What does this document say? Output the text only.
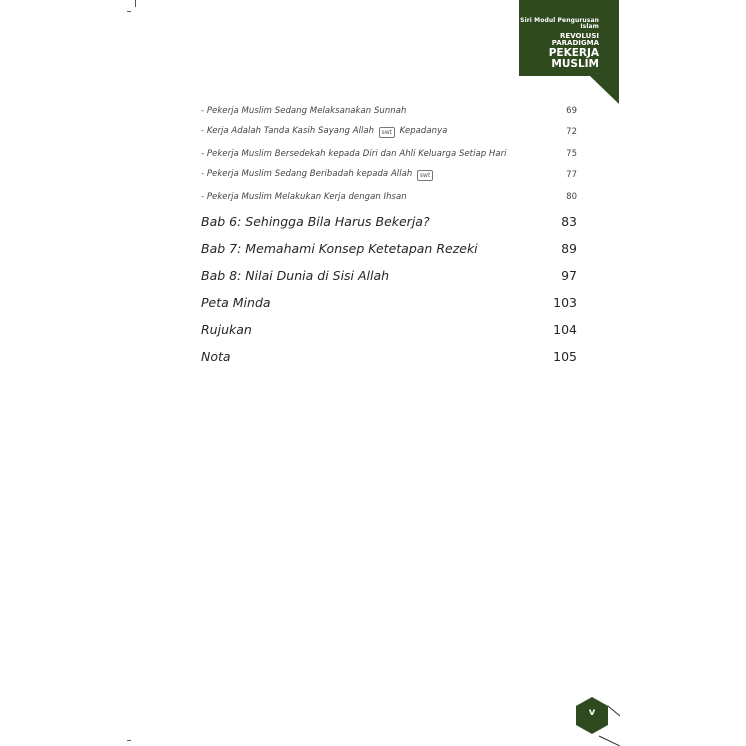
Siri Modul Pengurusan Islam
REVOLUSI PARADIGMA
PEKERJA MUSLIM
KANDUNGAN
- Pekerja Muslim Sedang Melaksanakan Sunnah	69
- Kerja Adalah Tanda Kasih Sayang Allah swt Kepadanya	72
- Pekerja Muslim Bersedekah kepada Diri dan Ahli Keluarga Setiap Hari	75
- Pekerja Muslim Sedang Beribadah kepada Allah swt	77
- Pekerja Muslim Melakukan Kerja dengan Ihsan	80
Bab 6: Sehingga Bila Harus Bekerja?	83
Bab 7: Memahami Konsep Ketetapan Rezeki	89
Bab 8: Nilai Dunia di Sisi Allah	97
Peta Minda	103
Rujukan	104
Nota	105
v
